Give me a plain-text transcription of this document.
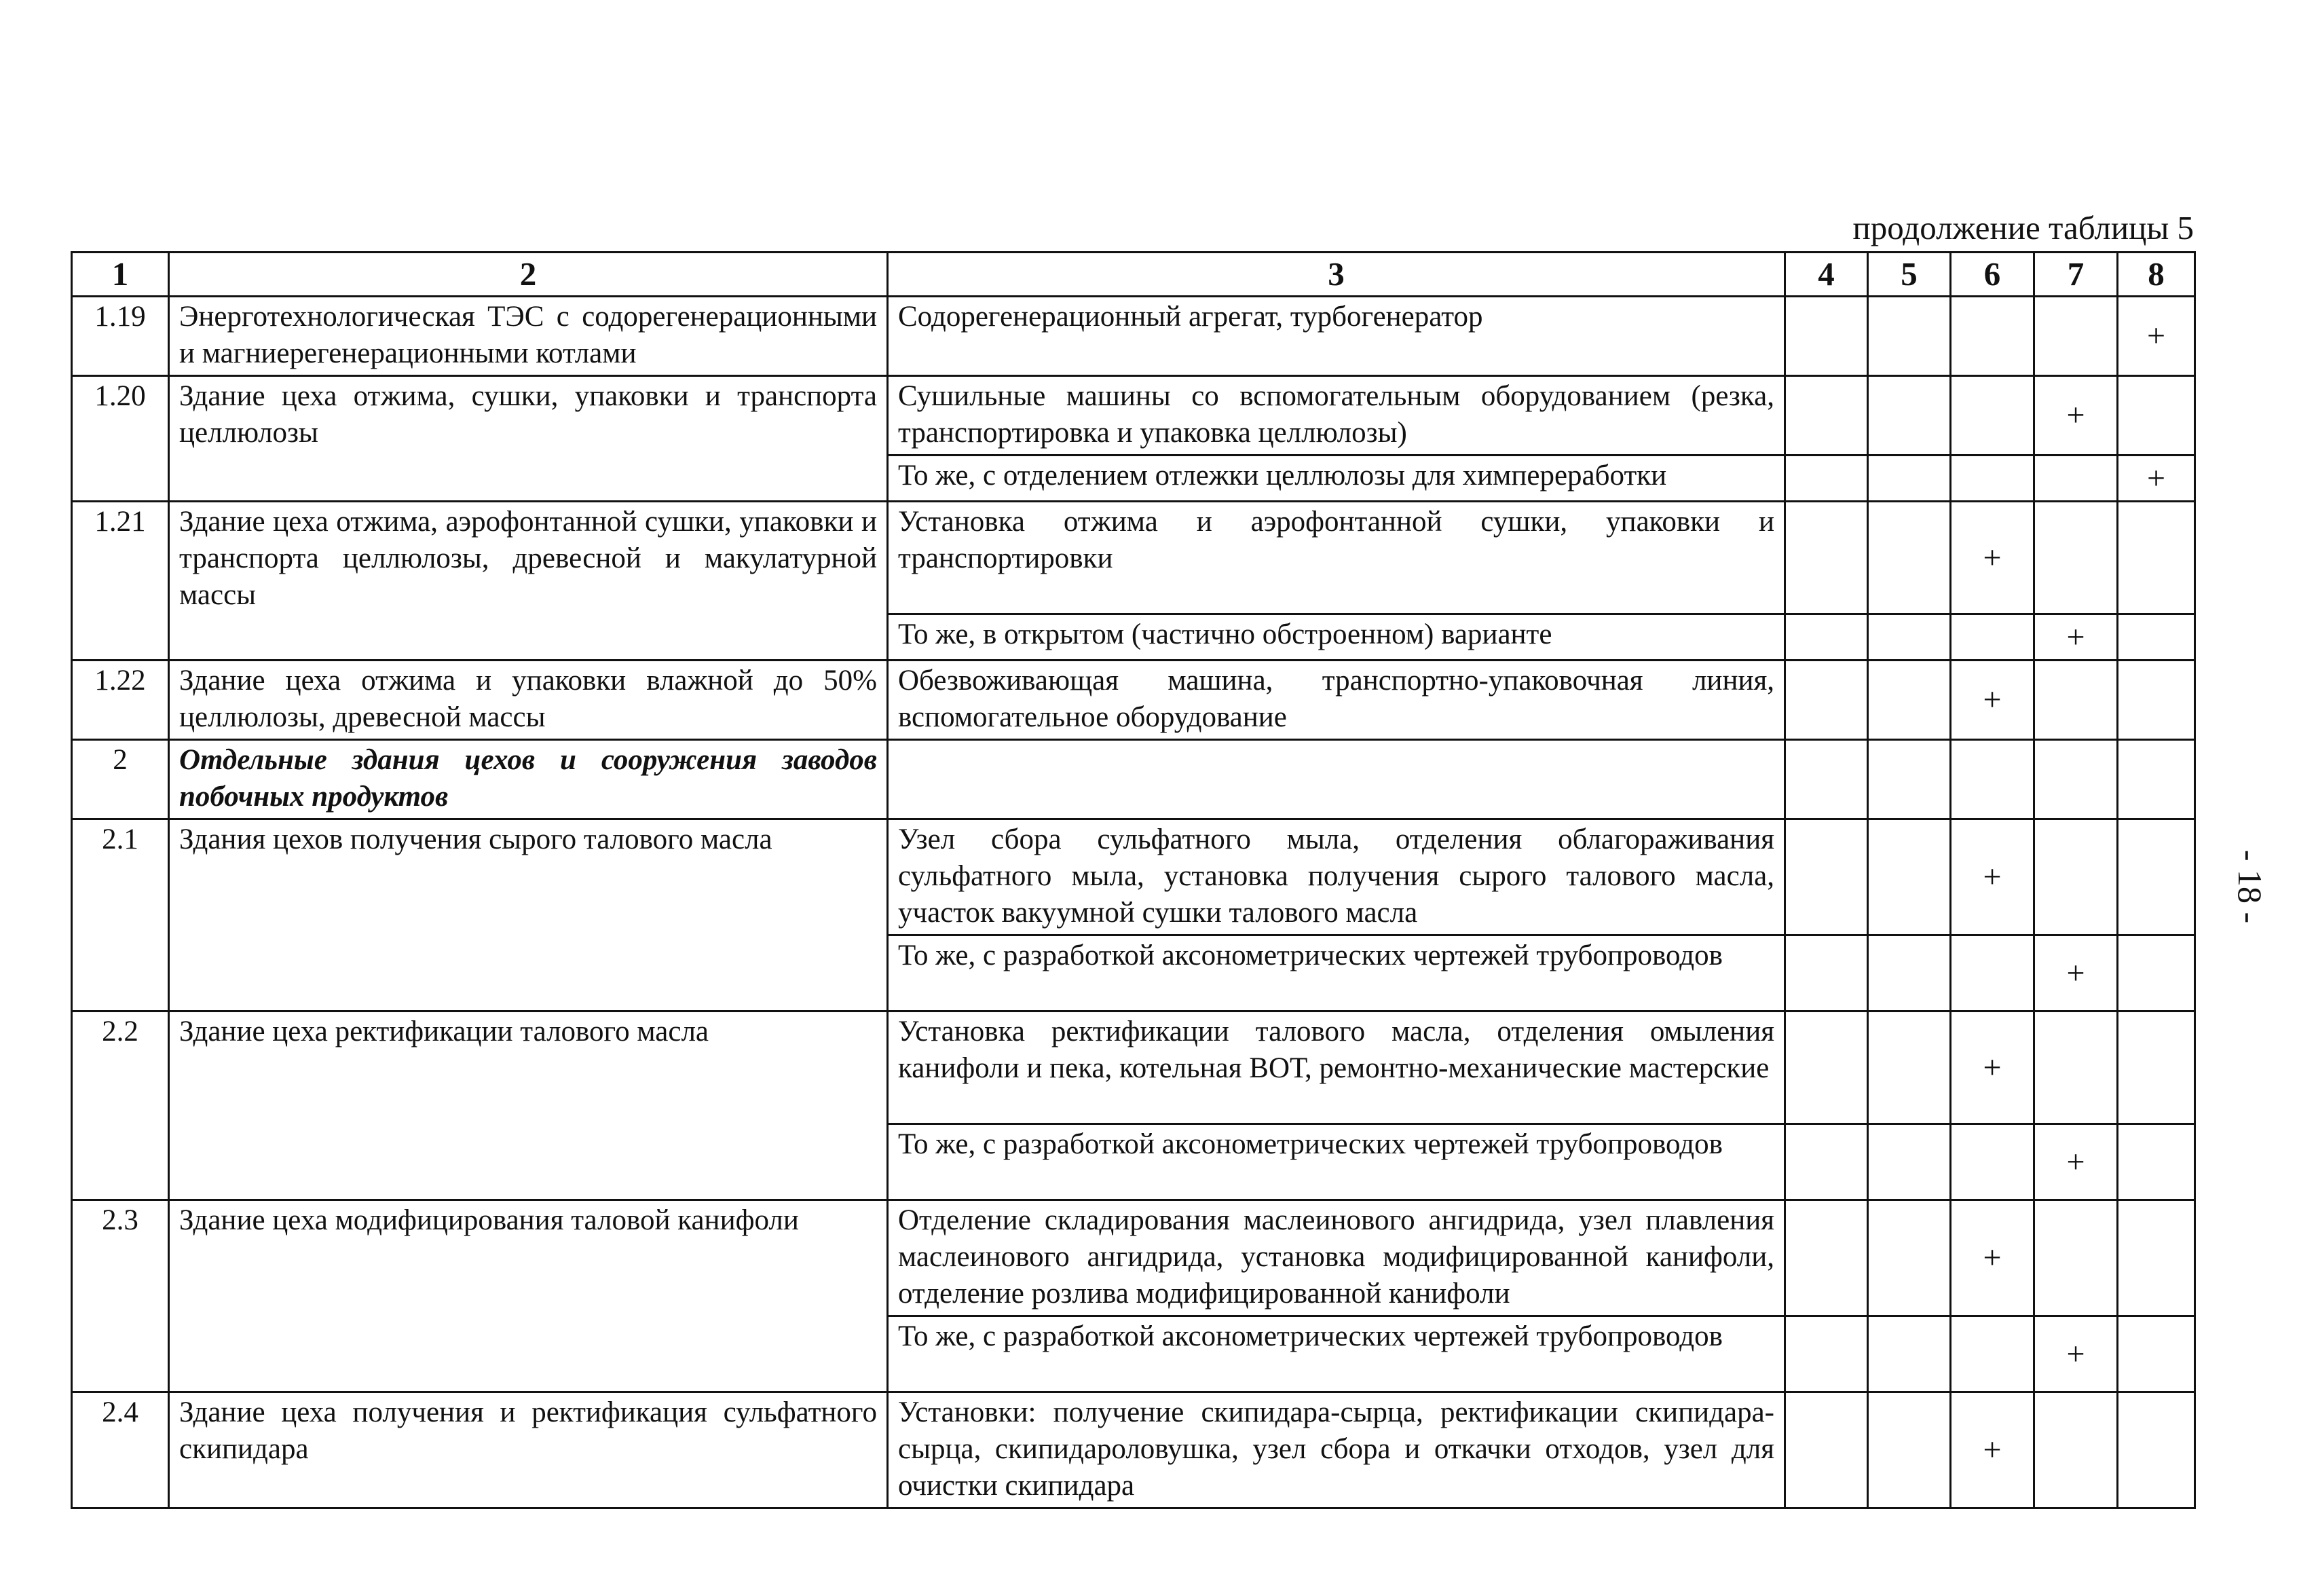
продолжение таблицы 5
- 18 -
1	2	3	4	5	6	7	8
1.19	Энерготехнологическая ТЭС с содорегенерационными и магниерегенерационными котлами	Содорегенерационный агрегат, турбогенератор					+
1.20	Здание цеха отжима, сушки, упаковки и транспорта целлюлозы	Сушильные машины со вспомогательным оборудованием (резка, транспортировка и упаковка целлюлозы)				+	
		То же, с отделением отлежки целлюлозы для химпереработки					+
1.21	Здание цеха отжима, аэрофонтанной сушки, упаковки и транспорта целлюлозы, древесной и макулатурной массы	Установка отжима и аэрофонтанной сушки, упаковки и транспортировки			+		
		То же, в открытом (частично обстроенном) варианте				+	
1.22	Здание цеха отжима и упаковки влажной до 50% целлюлозы, древесной массы	Обезвоживающая машина, транспортно-упаковочная линия, вспомогательное оборудование			+		
2	Отдельные здания цехов и сооружения заводов побочных продуктов						
2.1	Здания цехов получения сырого талового масла	Узел сбора сульфатного мыла, отделения облагораживания сульфатного мыла, установка получения сырого талового масла, участок вакуумной сушки талового масла			+		
		То же, с разработкой аксонометрических чертежей трубопроводов				+	
2.2	Здание цеха ректификации талового масла	Установка ректификации талового масла, отделения омыления канифоли и пека, котельная ВОТ, ремонтно-механические мастерские			+		
		То же, с разработкой аксонометрических чертежей трубопроводов				+	
2.3	Здание цеха модифицирования таловой канифоли	Отделение складирования маслеинового ангидрида, узел плавления маслеинового ангидрида, установка модифицированной канифоли, отделение розлива модифицированной канифоли			+		
		То же, с разработкой аксонометрических чертежей трубопроводов				+	
2.4	Здание цеха получения и ректификация сульфатного скипидара	Установки: получение скипидара-сырца, ректификации скипидара-сырца, скипидароловушка, узел сбора и откачки отходов, узел для очистки скипидара			+		
